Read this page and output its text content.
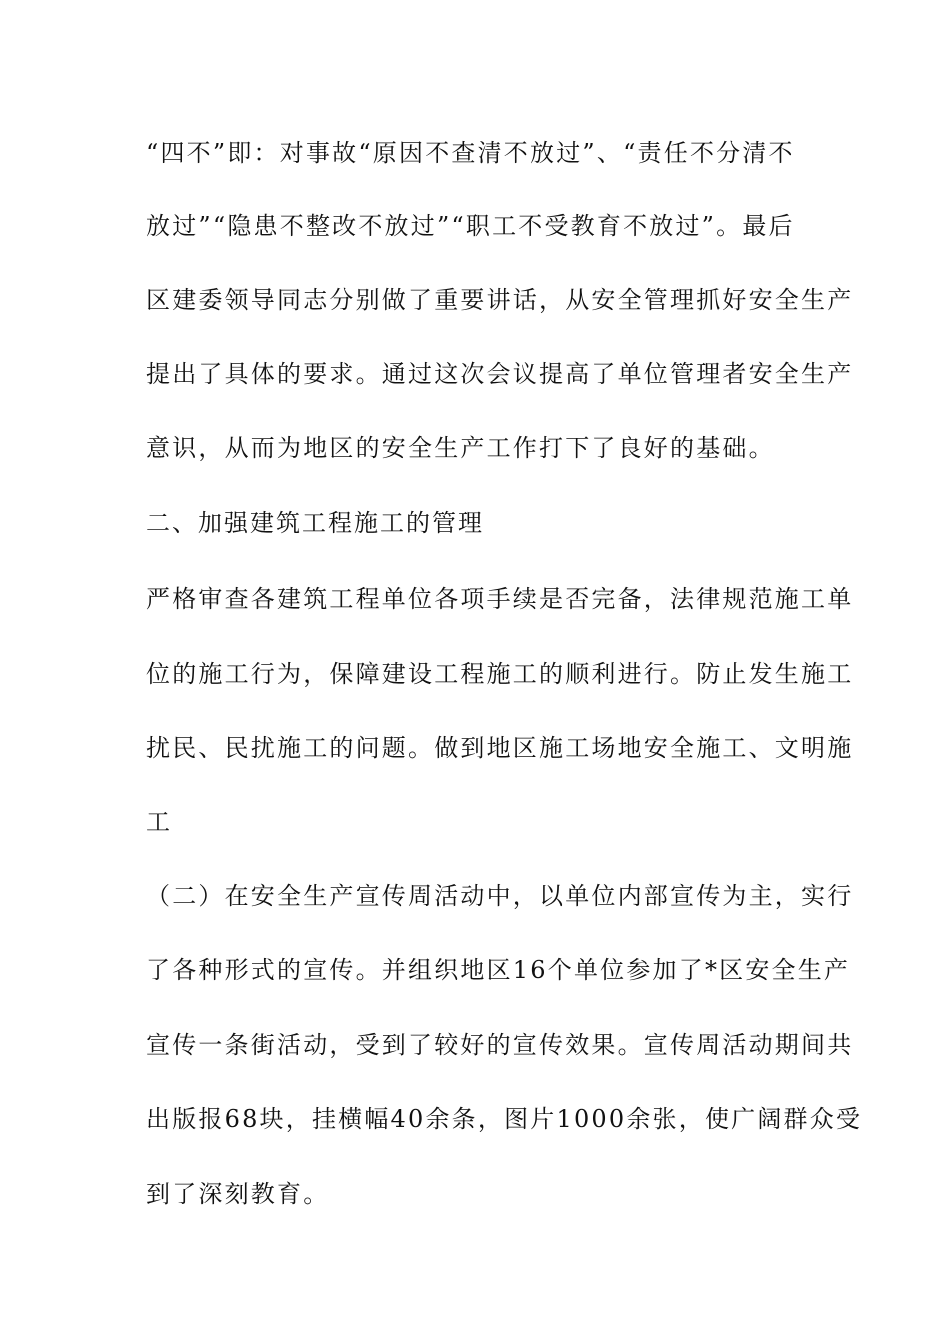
“四不”即：对事故“原因不查清不放过”、“责任不分清不
放过”“隐患不整改不放过”“职工不受教育不放过”。最后
区建委领导同志分别做了重要讲话，从安全管理抓好安全生产
提出了具体的要求。通过这次会议提高了单位管理者安全生产
意识，从而为地区的安全生产工作打下了良好的基础。
二、加强建筑工程施工的管理
严格审查各建筑工程单位各项手续是否完备，法律规范施工单
位的施工行为，保障建设工程施工的顺利进行。防止发生施工
扰民、民扰施工的问题。做到地区施工场地安全施工、文明施
工
（二）在安全生产宣传周活动中，以单位内部宣传为主，实行
了各种形式的宣传。并组织地区16个单位参加了*区安全生产
宣传一条街活动，受到了较好的宣传效果。宣传周活动期间共
出版报68块，挂横幅40余条，图片1000余张，使广阔群众受
到了深刻教育。
